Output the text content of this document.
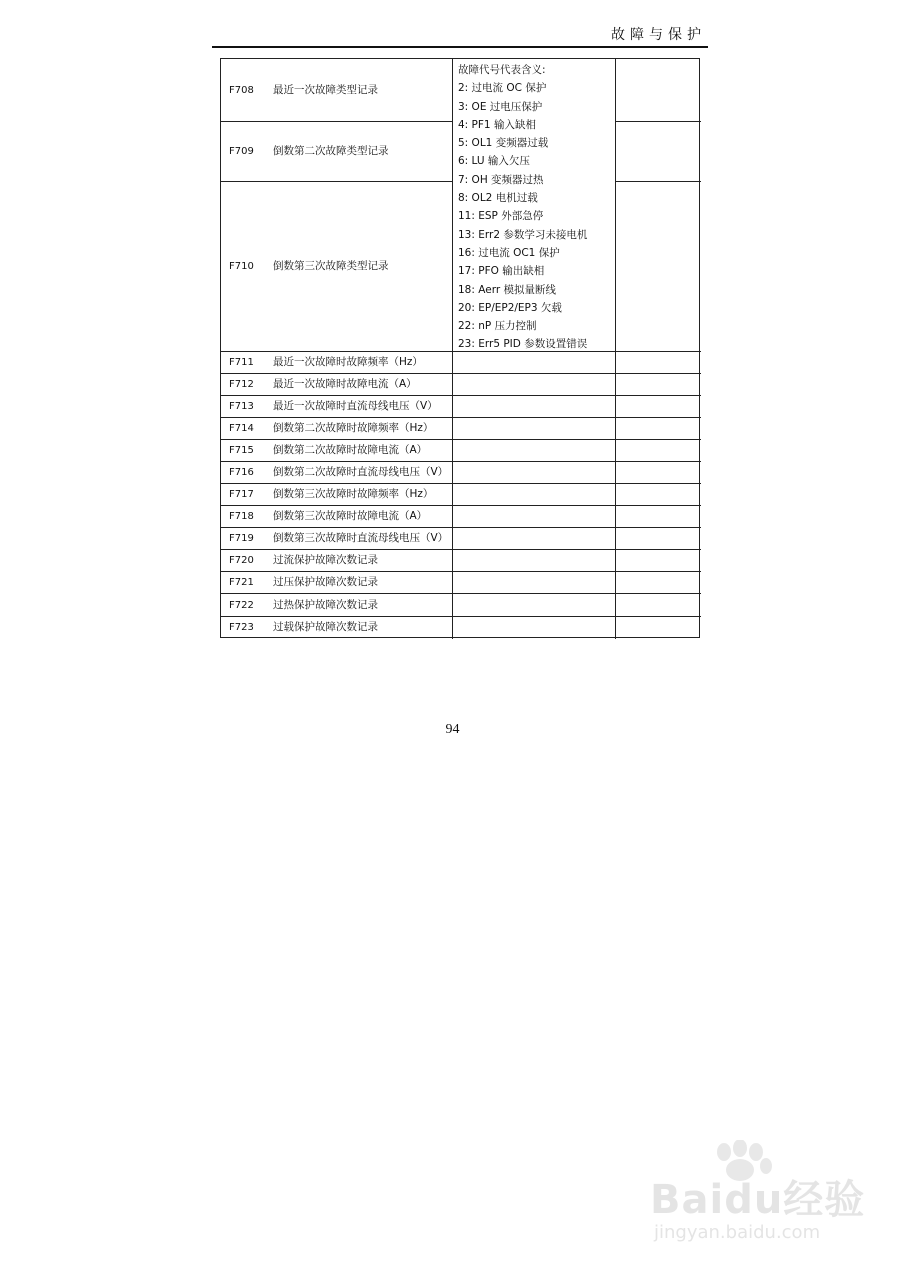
故障与保护
故障代号代表含义:
2: 过电流 OC 保护
3: OE 过电压保护
4: PF1 输入缺相
5: OL1 变频器过载
6: LU 输入欠压
7: OH 变频器过热
8: OL2 电机过载
11: ESP 外部急停
13: Err2 参数学习未接电机
16: 过电流 OC1 保护
17: PFO 输出缺相
18: Aerr 模拟量断线
20: EP/EP2/EP3 欠载
22: nP 压力控制
23: Err5 PID 参数设置错误
F708 最近一次故障类型记录
F709 倒数第二次故障类型记录
F710 倒数第三次故障类型记录
F711 最近一次故障时故障频率（Hz）
F712 最近一次故障时故障电流（A）
F713 最近一次故障时直流母线电压（V）
F714 倒数第二次故障时故障频率（Hz）
F715 倒数第二次故障时故障电流（A）
F716 倒数第二次故障时直流母线电压（V）
F717 倒数第三次故障时故障频率（Hz）
F718 倒数第三次故障时故障电流（A）
F719 倒数第三次故障时直流母线电压（V）
F720 过流保护故障次数记录
F721 过压保护故障次数记录
F722 过热保护故障次数记录
F723 过载保护故障次数记录
94
Baidu经验
jingyan.baidu.com
